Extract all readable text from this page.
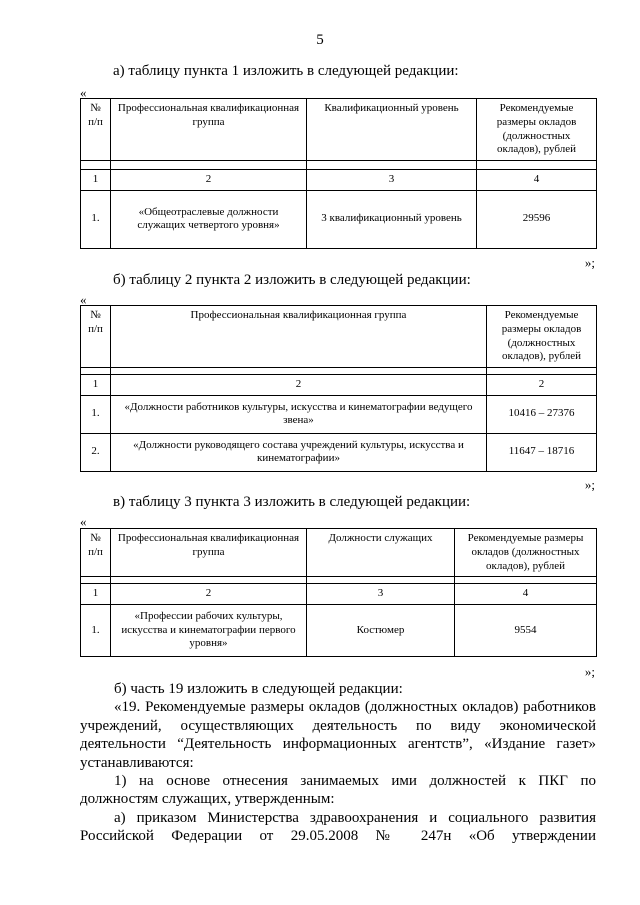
5
а) таблицу пункта 1 изложить в следующей редакции:
«
№ п/п	Профессиональная квалификационная группа	Квалификационный уровень	Рекомендуемые размеры окладов (должностных окладов), рублей

1	2	3	4
1.	«Общеотраслевые должности служащих четвертого уровня»	3 квалификационный уровень	29596
»;
б) таблицу 2 пункта 2 изложить в следующей редакции:
«
№ п/п	Профессиональная квалификационная группа	Рекомендуемые размеры окладов (должностных окладов), рублей

1	2	2
1.	«Должности работников культуры, искусства и кинематографии ведущего звена»	10416 – 27376
2.	«Должности руководящего состава учреждений культуры, искусства и кинематографии»	11647 – 18716
»;
в) таблицу 3 пункта 3 изложить в следующей редакции:
«
№ п/п	Профессиональная квалификационная группа	Должности служащих	Рекомендуемые размеры окладов (должностных окладов), рублей

1	2	3	4
1.	«Профессии рабочих культуры, искусства и кинематографии первого уровня»	Костюмер	9554
»;

б) часть 19 изложить в следующей редакции:

«19. Рекомендуемые размеры окладов (должностных окладов) работников учреждений, осуществляющих деятельность по виду экономической деятельности “Деятельность информационных агентств”, «Издание газет» устанавливаются:

1) на основе отнесения занимаемых ими должностей к ПКГ по должностям служащих, утвержденным:

а) приказом Министерства здравоохранения и социального развития Российской Федерации от 29.05.2008 № 247н «Об утверждении
